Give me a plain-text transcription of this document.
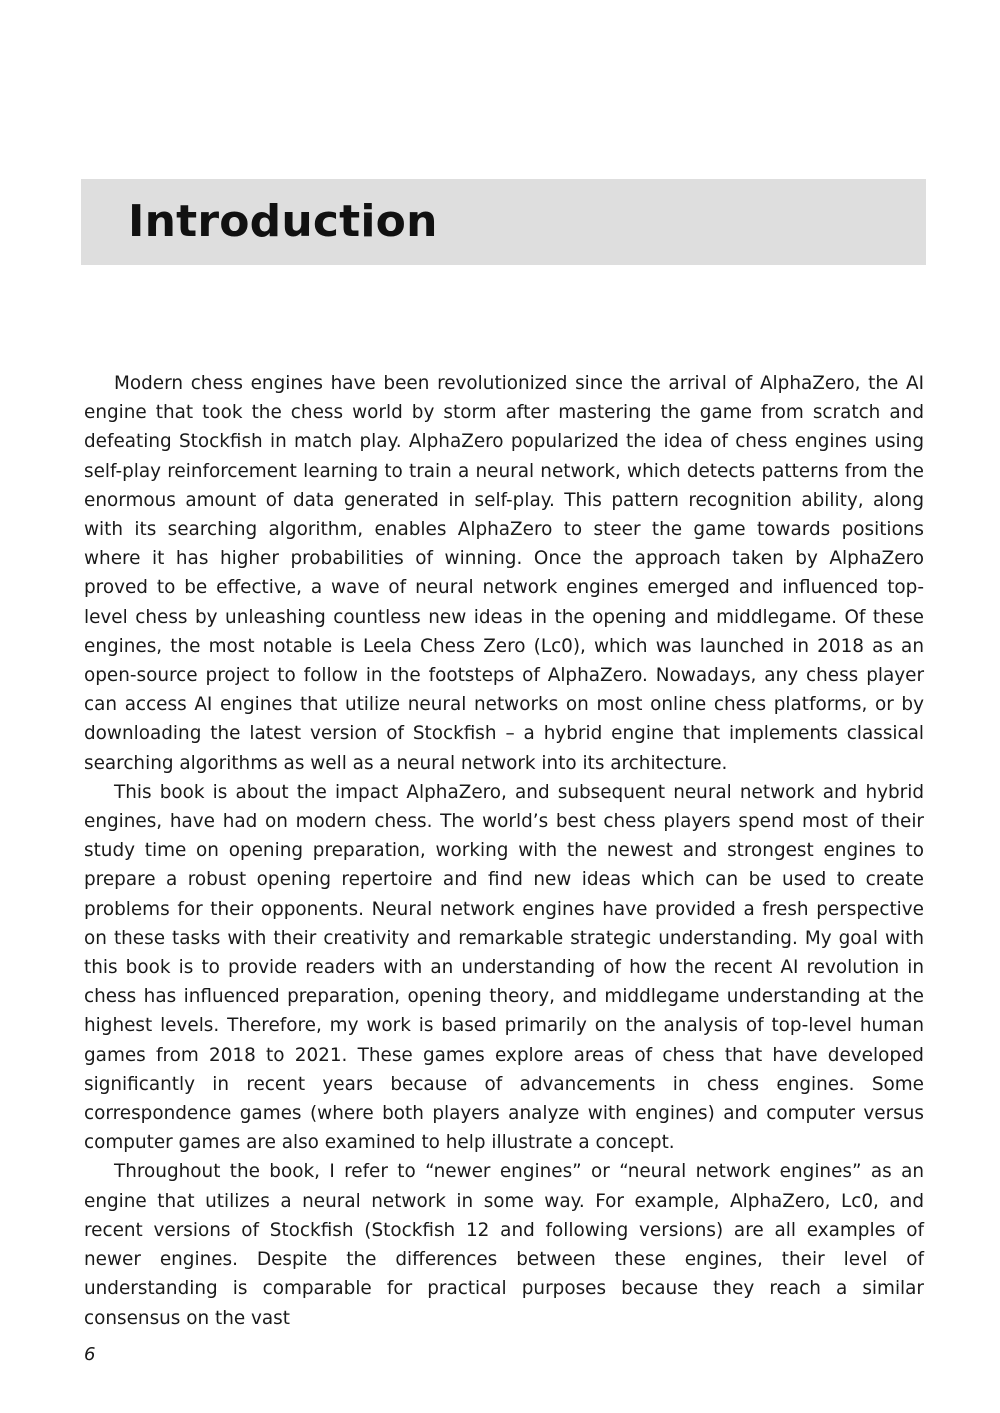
Introduction

Modern chess engines have been revolutionized since the arrival of AlphaZero, the AI engine that took the chess world by storm after mastering the game from scratch and defeating Stockfish in match play. AlphaZero popularized the idea of chess engines using self-play reinforcement learning to train a neural network, which detects patterns from the enormous amount of data generated in self-play. This pattern recognition ability, along with its searching algorithm, enables AlphaZero to steer the game towards positions where it has higher probabilities of winning. Once the approach taken by AlphaZero proved to be effective, a wave of neural network engines emerged and influenced top-level chess by unleashing countless new ideas in the opening and middlegame. Of these engines, the most notable is Leela Chess Zero (Lc0), which was launched in 2018 as an open-source project to follow in the footsteps of AlphaZero. Nowadays, any chess player can access AI engines that utilize neural networks on most online chess platforms, or by downloading the latest version of Stockfish – a hybrid engine that implements classical searching algorithms as well as a neural network into its architecture.

This book is about the impact AlphaZero, and subsequent neural network and hybrid engines, have had on modern chess. The world’s best chess players spend most of their study time on opening preparation, working with the newest and strongest engines to prepare a robust opening repertoire and find new ideas which can be used to create problems for their opponents. Neural network engines have provided a fresh perspective on these tasks with their creativity and remarkable strategic understanding. My goal with this book is to provide readers with an understanding of how the recent AI revolution in chess has influenced preparation, opening theory, and middlegame understanding at the highest levels. Therefore, my work is based primarily on the analysis of top-level human games from 2018 to 2021. These games explore areas of chess that have developed significantly in recent years because of advancements in chess engines. Some correspondence games (where both players analyze with engines) and computer versus computer games are also examined to help illustrate a concept.

Throughout the book, I refer to “newer engines” or “neural network engines” as an engine that utilizes a neural network in some way. For example, AlphaZero, Lc0, and recent versions of Stockfish (Stockfish 12 and following versions) are all examples of newer engines. Despite the differences between these engines, their level of understanding is comparable for practical purposes because they reach a similar consensus on the vast

6
